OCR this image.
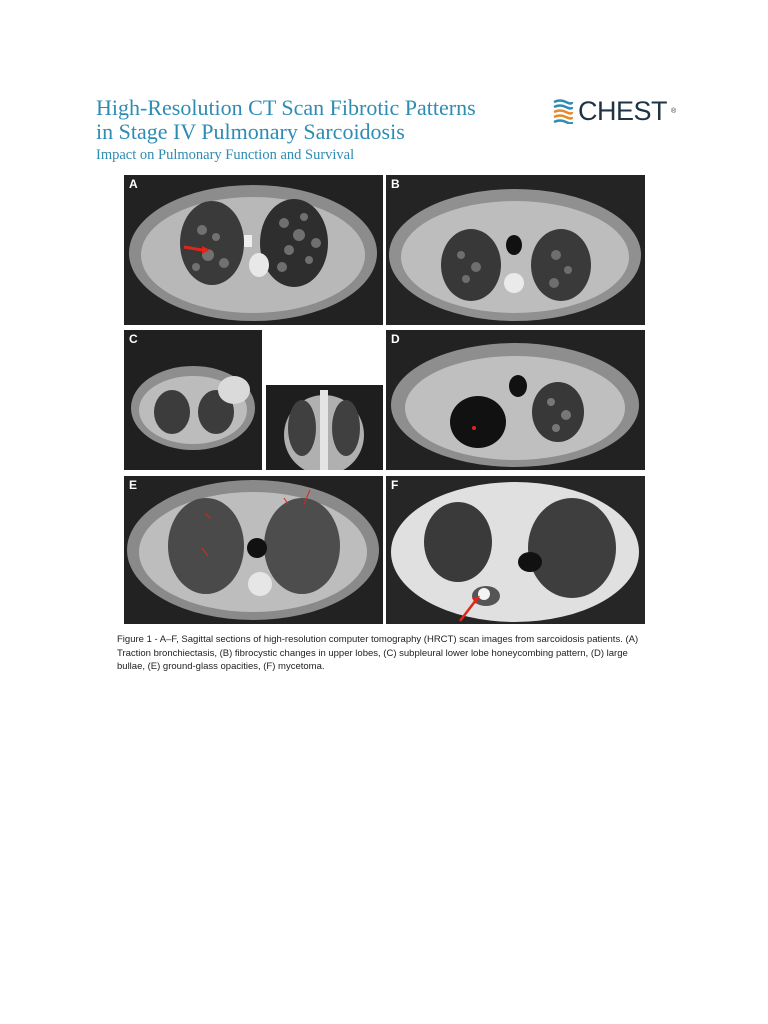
High-Resolution CT Scan Fibrotic Patterns
in Stage IV Pulmonary Sarcoidosis

Impact on Pulmonary Function and Survival

CHEST ®
A	B
C	D
E	F

Figure 1 - A–F, Sagittal sections of high-resolution computer tomography (HRCT) scan images from sarcoidosis patients. (A) Traction bronchiectasis, (B) fibrocystic changes in upper lobes, (C) subpleural lower lobe honeycombing pattern, (D) large bullae, (E) ground-glass opacities, (F) mycetoma.
